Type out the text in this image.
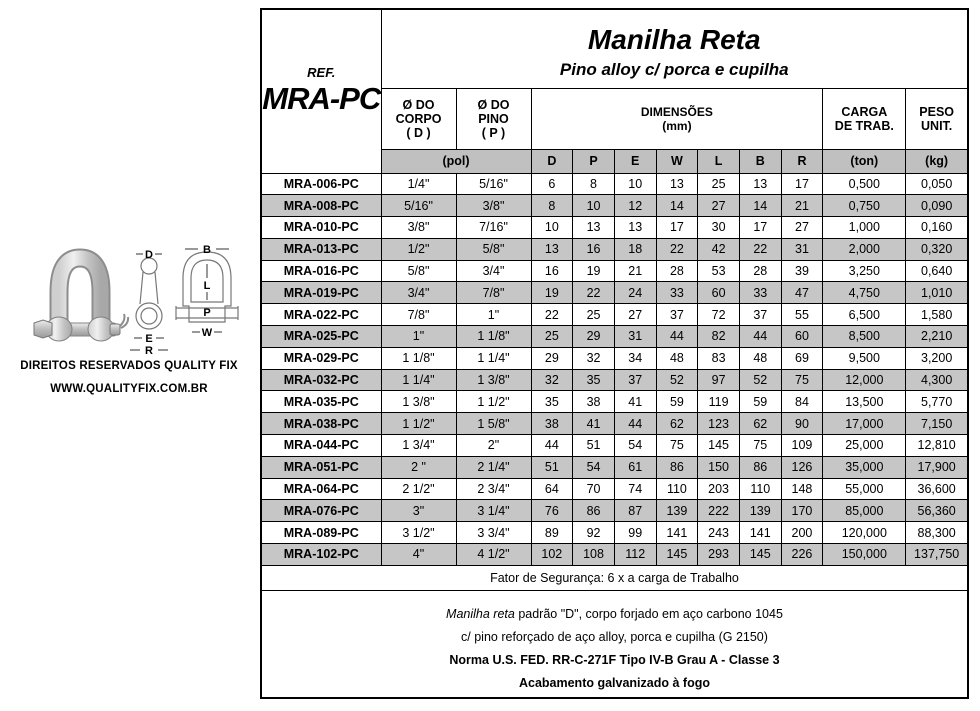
D
E
R
B
L
P
W
DIREITOS RESERVADOS QUALITY FIX
WWW.QUALITYFIX.COM.BR
REF.
MRA-PC

Manilha Reta
Pino alloy c/ porca e cupilha

Ø DO
CORPO
( D )

Ø DO
PINO
( P )

DIMENSÕES
(mm)

CARGA
DE TRAB.

PESO
UNIT.

	(pol)		D	P	E	W	L	B	R	(ton)	(kg)
MRA-006-PC	1/4"	5/16"	6	8	10	13	25	13	17	0,500	0,050
MRA-008-PC	5/16"	3/8"	8	10	12	14	27	14	21	0,750	0,090
MRA-010-PC	3/8"	7/16"	10	13	13	17	30	17	27	1,000	0,160
MRA-013-PC	1/2"	5/8"	13	16	18	22	42	22	31	2,000	0,320
MRA-016-PC	5/8"	3/4"	16	19	21	28	53	28	39	3,250	0,640
MRA-019-PC	3/4"	7/8"	19	22	24	33	60	33	47	4,750	1,010
MRA-022-PC	7/8"	1"	22	25	27	37	72	37	55	6,500	1,580
MRA-025-PC	1"	1 1/8"	25	29	31	44	82	44	60	8,500	2,210
MRA-029-PC	1 1/8"	1 1/4"	29	32	34	48	83	48	69	9,500	3,200
MRA-032-PC	1 1/4"	1 3/8"	32	35	37	52	97	52	75	12,000	4,300
MRA-035-PC	1 3/8"	1 1/2"	35	38	41	59	119	59	84	13,500	5,770
MRA-038-PC	1 1/2"	1 5/8"	38	41	44	62	123	62	90	17,000	7,150
MRA-044-PC	1 3/4"	2"	44	51	54	75	145	75	109	25,000	12,810
MRA-051-PC	2 "	2 1/4"	51	54	61	86	150	86	126	35,000	17,900
MRA-064-PC	2 1/2"	2 3/4"	64	70	74	110	203	110	148	55,000	36,600
MRA-076-PC	3"	3 1/4"	76	86	87	139	222	139	170	85,000	56,360
MRA-089-PC	3 1/2"	3 3/4"	89	92	99	141	243	141	200	120,000	88,300
MRA-102-PC	4"	4 1/2"	102	108	112	145	293	145	226	150,000	137,750
Fator de Segurança: 6 x a carga de Trabalho											

Manilha reta padrão "D", corpo forjado em aço carbono 1045
c/ pino reforçado de aço alloy, porca e cupilha (G 2150)
Norma U.S. FED. RR-C-271F Tipo IV-B Grau A - Classe 3
Acabamento galvanizado à fogo											
